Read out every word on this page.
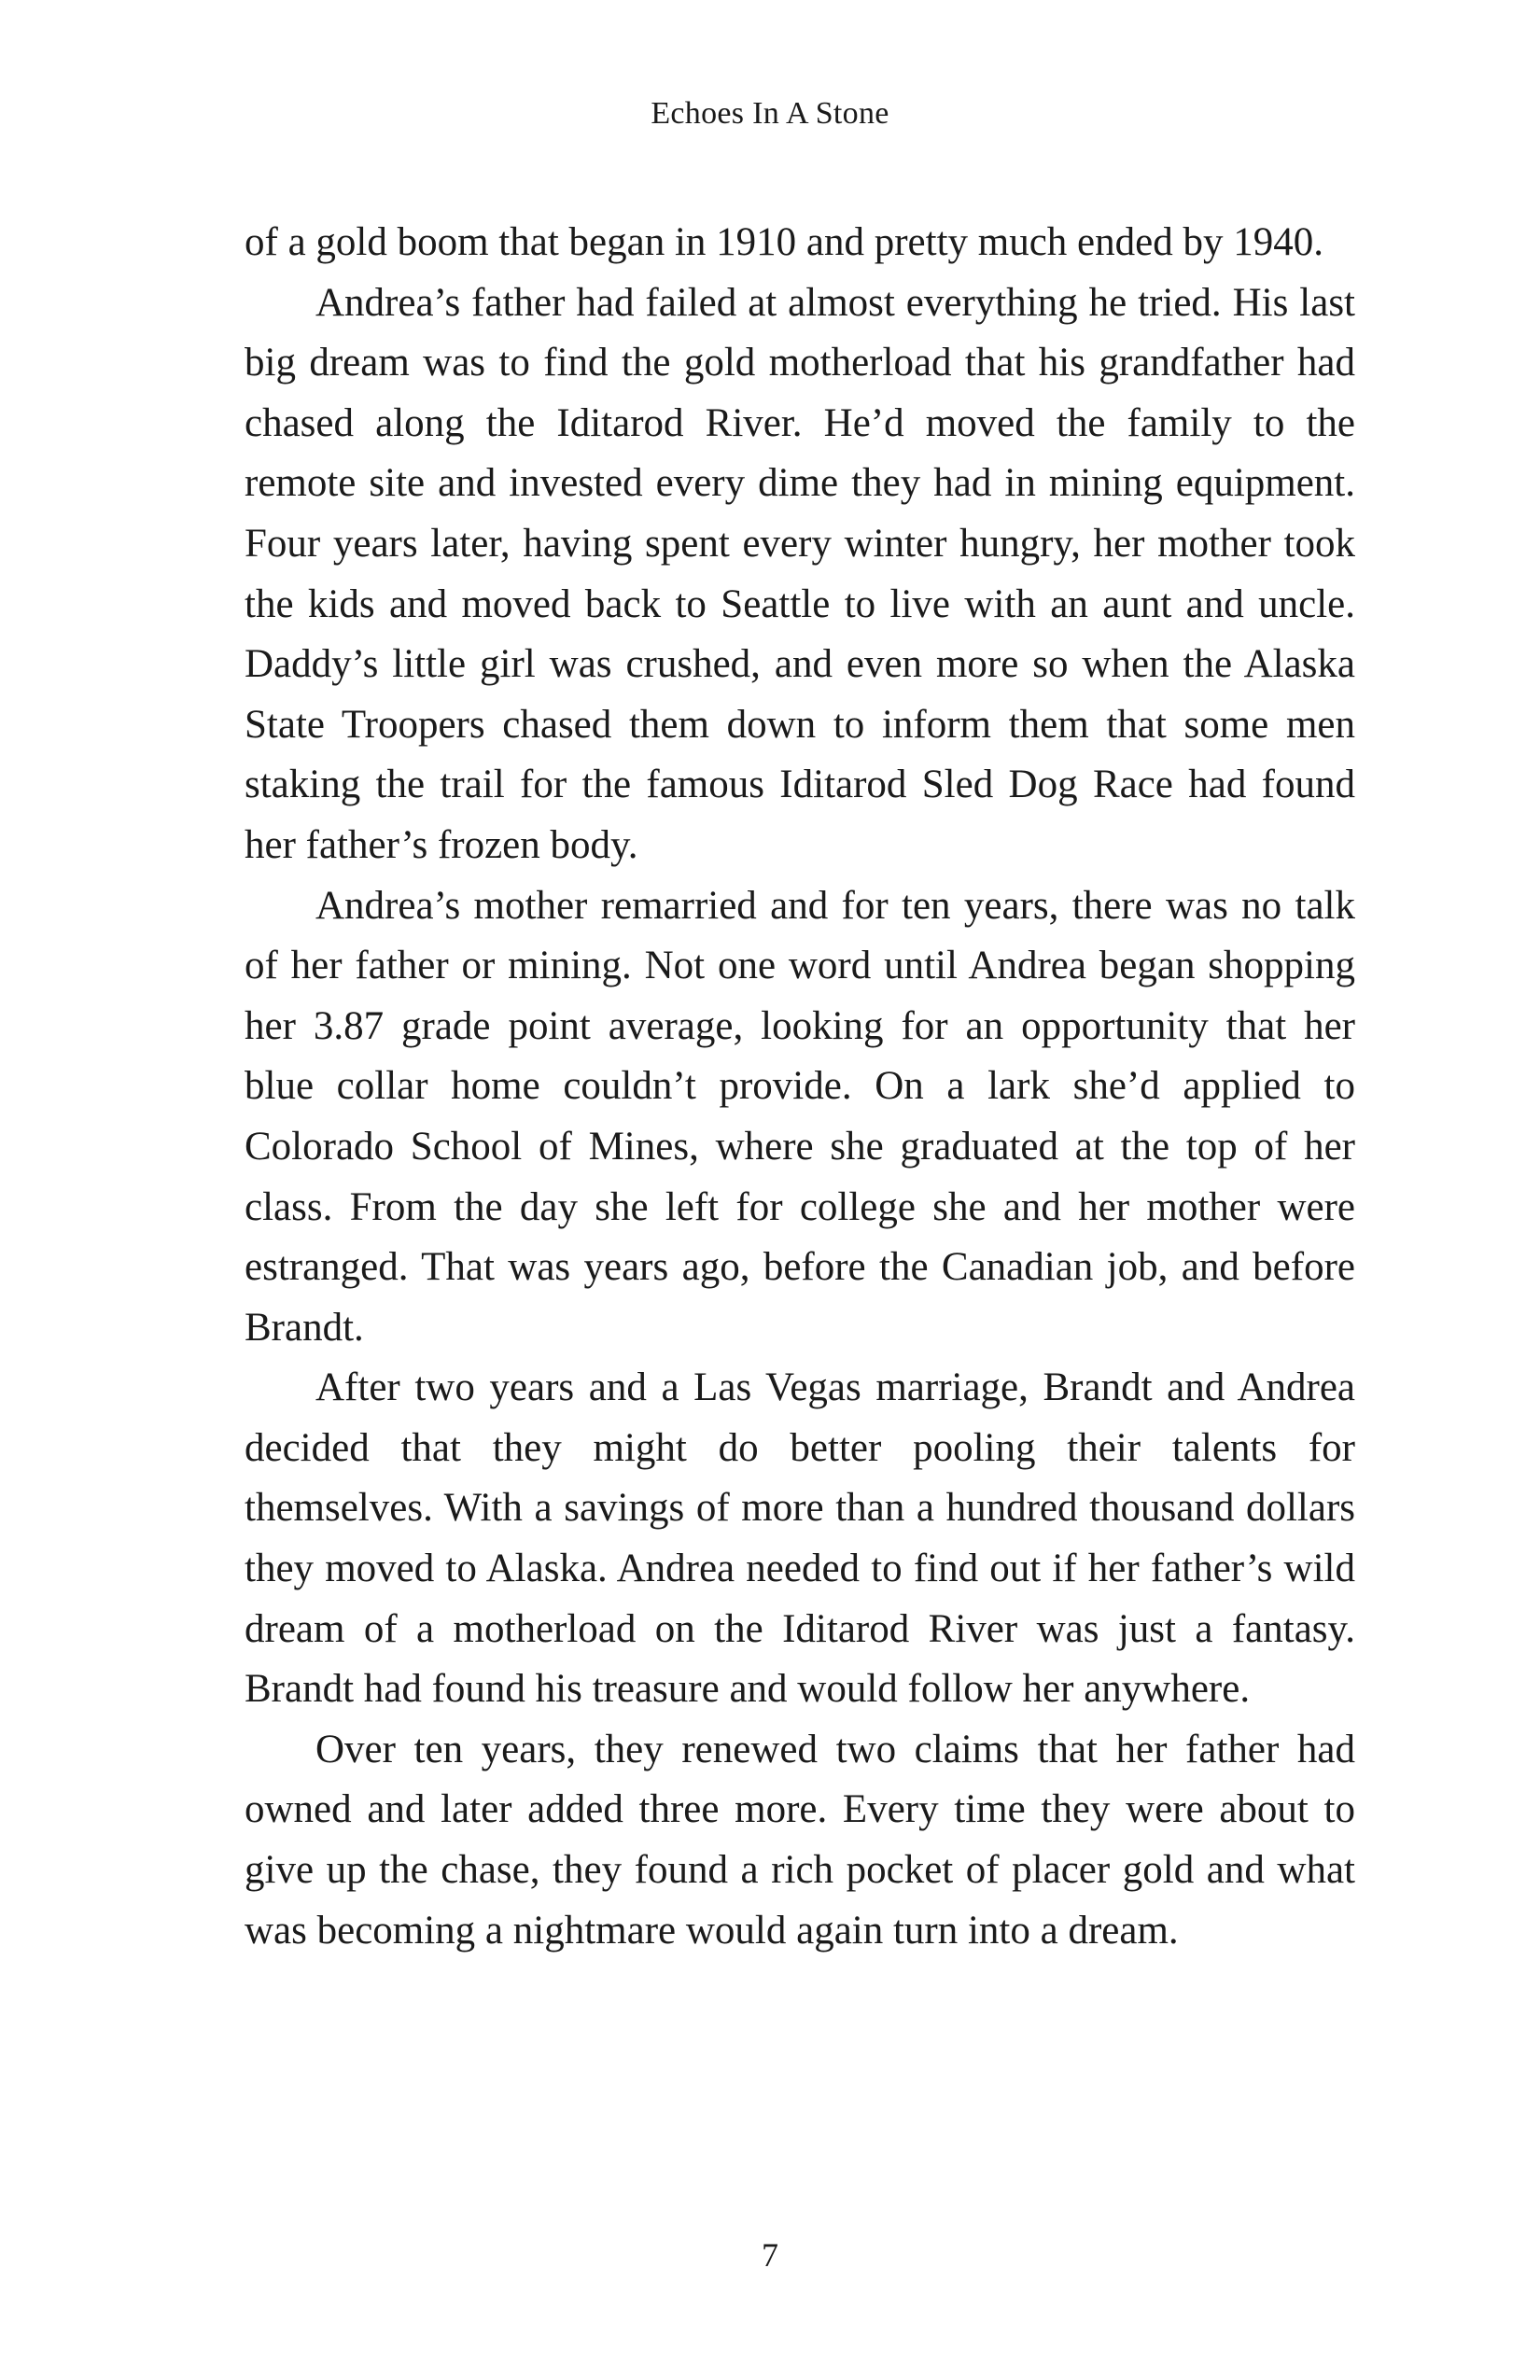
Echoes In A Stone

of a gold boom that began in 1910 and pretty much ended by 1940.

Andrea’s father had failed at almost everything he tried. His last big dream was to find the gold motherload that his grandfather had chased along the Iditarod River. He’d moved the family to the remote site and invested every dime they had in mining equipment. Four years later, having spent every winter hungry, her mother took the kids and moved back to Seattle to live with an aunt and uncle. Daddy’s little girl was crushed, and even more so when the Alaska State Troopers chased them down to inform them that some men staking the trail for the famous Iditarod Sled Dog Race had found her father’s frozen body.

Andrea’s mother remarried and for ten years, there was no talk of her father or mining. Not one word until Andrea began shopping her 3.87 grade point average, looking for an opportunity that her blue collar home couldn’t provide. On a lark she’d applied to Colorado School of Mines, where she graduated at the top of her class. From the day she left for college she and her mother were estranged. That was years ago, before the Canadian job, and before Brandt.

After two years and a Las Vegas marriage, Brandt and Andrea decided that they might do better pooling their talents for themselves. With a savings of more than a hundred thousand dollars they moved to Alaska. Andrea needed to find out if her father’s wild dream of a motherload on the Iditarod River was just a fantasy. Brandt had found his treasure and would follow her anywhere.

Over ten years, they renewed two claims that her father had owned and later added three more. Every time they were about to give up the chase, they found a rich pocket of placer gold and what was becoming a nightmare would again turn into a dream.

7
